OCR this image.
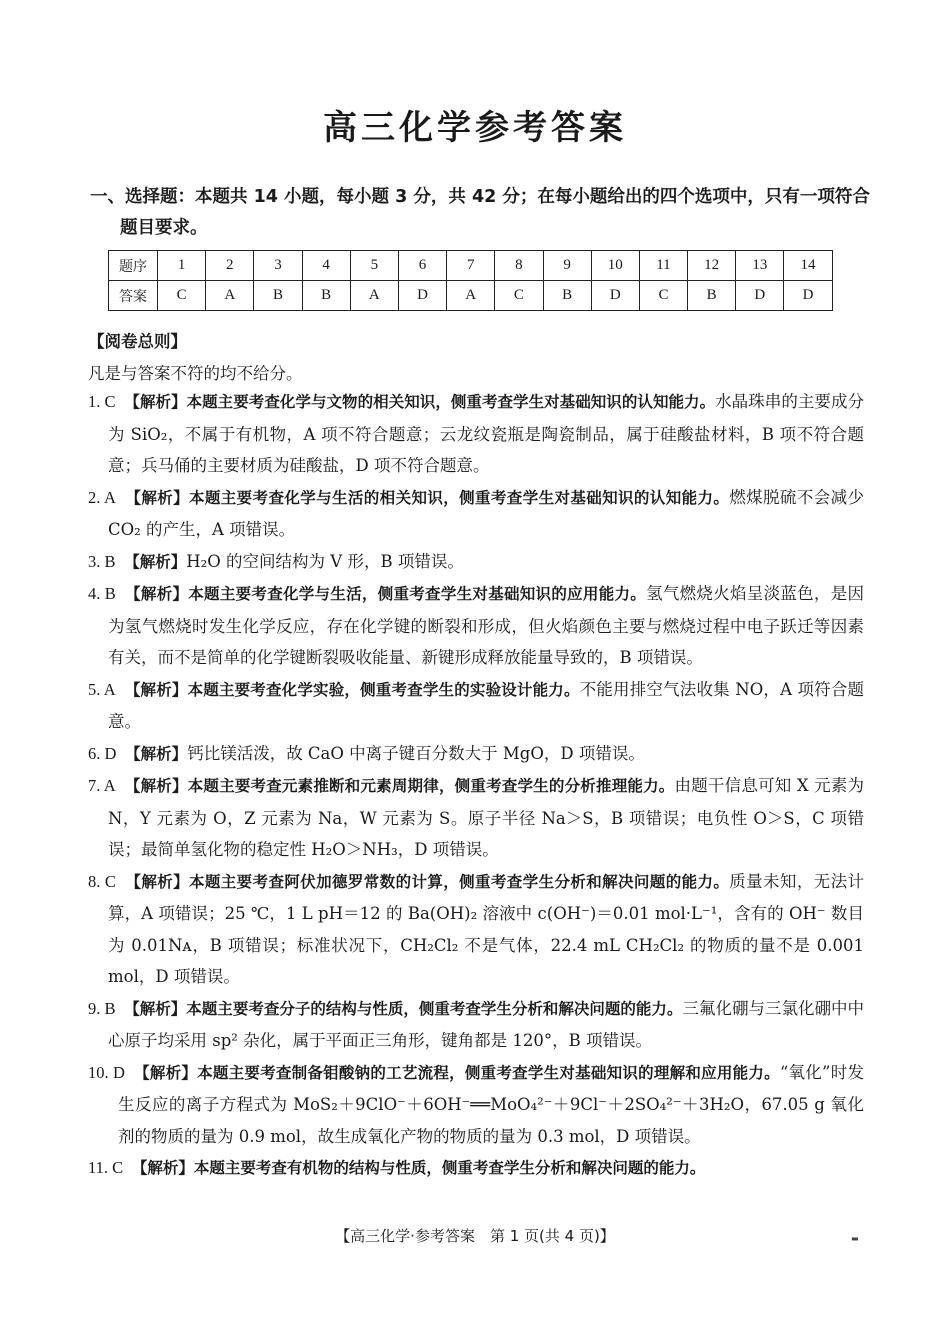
高三化学参考答案
一、选择题：本题共 14 小题，每小题 3 分，共 42 分；在每小题给出的四个选项中，只有一项符合
题目要求。
题序	1	2	3	4	5	6	7	8	9	10	11	12	13	14
答案	C	A	B	B	A	D	A	C	B	D	C	B	D	D
【阅卷总则】
凡是与答案不符的均不给分。
1. C　 【解析】本题主要考查化学与文物的相关知识，侧重考查学生对基础知识的认知能力。水晶珠串的主要成分为 SiO₂，不属于有机物，A 项不符合题意；云龙纹瓷瓶是陶瓷制品，属于硅酸盐材料，B 项不符合题意；兵马俑的主要材质为硅酸盐，D 项不符合题意。
2. A　 【解析】本题主要考查化学与生活的相关知识，侧重考查学生对基础知识的认知能力。燃煤脱硫不会减少 CO₂ 的产生，A 项错误。
3. B　 【解析】H₂O 的空间结构为 V 形，B 项错误。
4. B　 【解析】本题主要考查化学与生活，侧重考查学生对基础知识的应用能力。氢气燃烧火焰呈淡蓝色，是因为氢气燃烧时发生化学反应，存在化学键的断裂和形成，但火焰颜色主要与燃烧过程中电子跃迁等因素有关，而不是简单的化学键断裂吸收能量、新键形成释放能量导致的，B 项错误。
5. A　 【解析】本题主要考查化学实验，侧重考查学生的实验设计能力。不能用排空气法收集 NO，A 项符合题意。
6. D　 【解析】钙比镁活泼，故 CaO 中离子键百分数大于 MgO，D 项错误。
7. A　 【解析】本题主要考查元素推断和元素周期律，侧重考查学生的分析推理能力。由题干信息可知 X 元素为 N，Y 元素为 O，Z 元素为 Na，W 元素为 S。原子半径 Na＞S，B 项错误；电负性 O＞S，C 项错误；最简单氢化物的稳定性 H₂O＞NH₃，D 项错误。
8. C　 【解析】本题主要考查阿伏加德罗常数的计算，侧重考查学生分析和解决问题的能力。质量未知，无法计算，A 项错误；25 ℃，1 L pH＝12 的 Ba(OH)₂ 溶液中 c(OH⁻)＝0.01 mol·L⁻¹，含有的 OH⁻ 数目为 0.01Nᴀ，B 项错误；标准状况下，CH₂Cl₂ 不是气体，22.4 mL CH₂Cl₂ 的物质的量不是 0.001 mol，D 项错误。
9. B　 【解析】本题主要考查分子的结构与性质，侧重考查学生分析和解决问题的能力。三氟化硼与三氯化硼中中心原子均采用 sp² 杂化，属于平面正三角形，键角都是 120°，B 项错误。
10. D　 【解析】本题主要考查制备钼酸钠的工艺流程，侧重考查学生对基础知识的理解和应用能力。“氧化”时发生反应的离子方程式为 MoS₂＋9ClO⁻＋6OH⁻══MoO₄²⁻＋9Cl⁻＋2SO₄²⁻＋3H₂O，67.05 g 氧化剂的物质的量为 0.9 mol，故生成氧化产物的物质的量为 0.3 mol，D 项错误。
11. C　 【解析】本题主要考查有机物的结构与性质，侧重考查学生分析和解决问题的能力。
【高三化学·参考答案　第 1 页(共 4 页)】	▬
